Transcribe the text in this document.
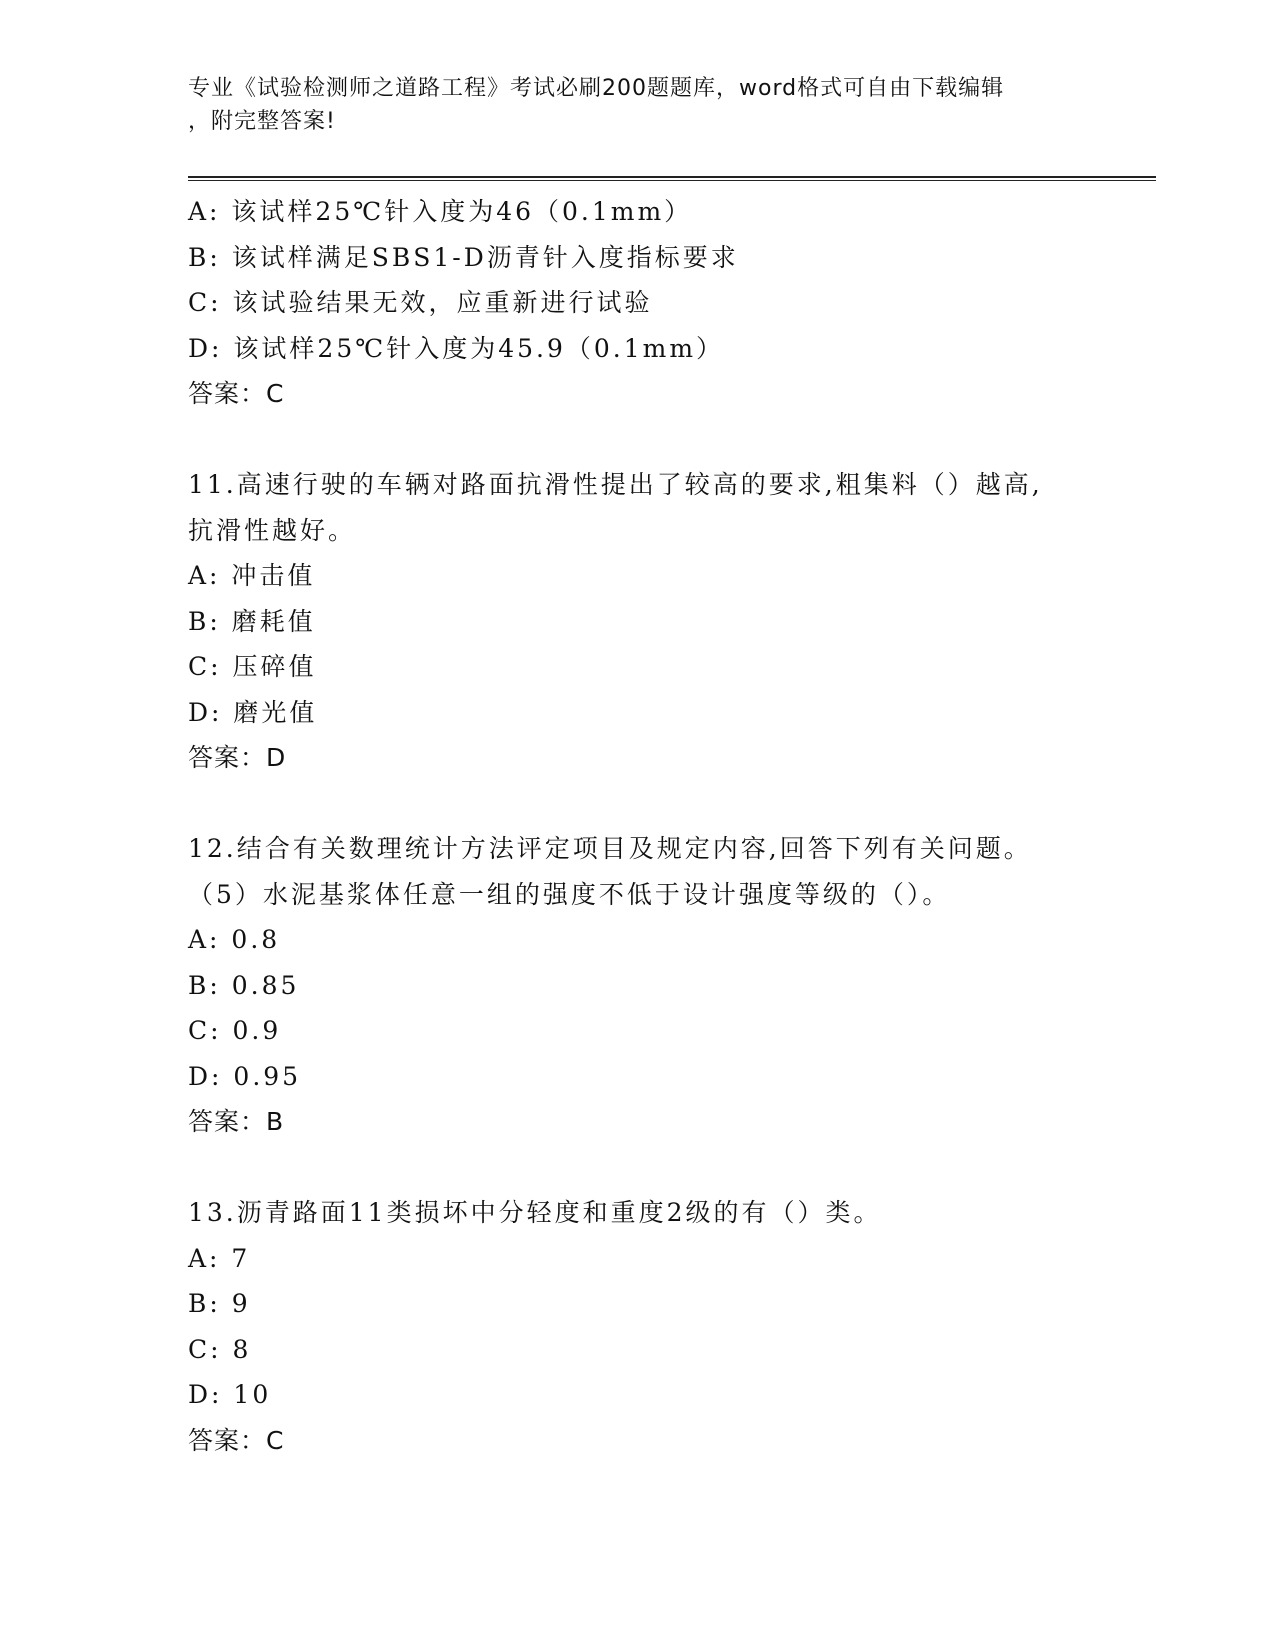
专业《试验检测师之道路工程》考试必刷200题题库，word格式可自由下载编辑
，附完整答案!
A: 该试样25℃针入度为46（0.1mm）
B: 该试样满足SBS1-D沥青针入度指标要求
C: 该试验结果无效，应重新进行试验
D: 该试样25℃针入度为45.9（0.1mm）
答案：C
11.高速行驶的车辆对路面抗滑性提出了较高的要求,粗集料（）越高,
抗滑性越好。
A: 冲击值
B: 磨耗值
C: 压碎值
D: 磨光值
答案：D
12.结合有关数理统计方法评定项目及规定内容,回答下列有关问题。
（5）水泥基浆体任意一组的强度不低于设计强度等级的（）。
A: 0.8
B: 0.85
C: 0.9
D: 0.95
答案：B
13.沥青路面11类损坏中分轻度和重度2级的有（）类。
A: 7
B: 9
C: 8
D: 10
答案：C
